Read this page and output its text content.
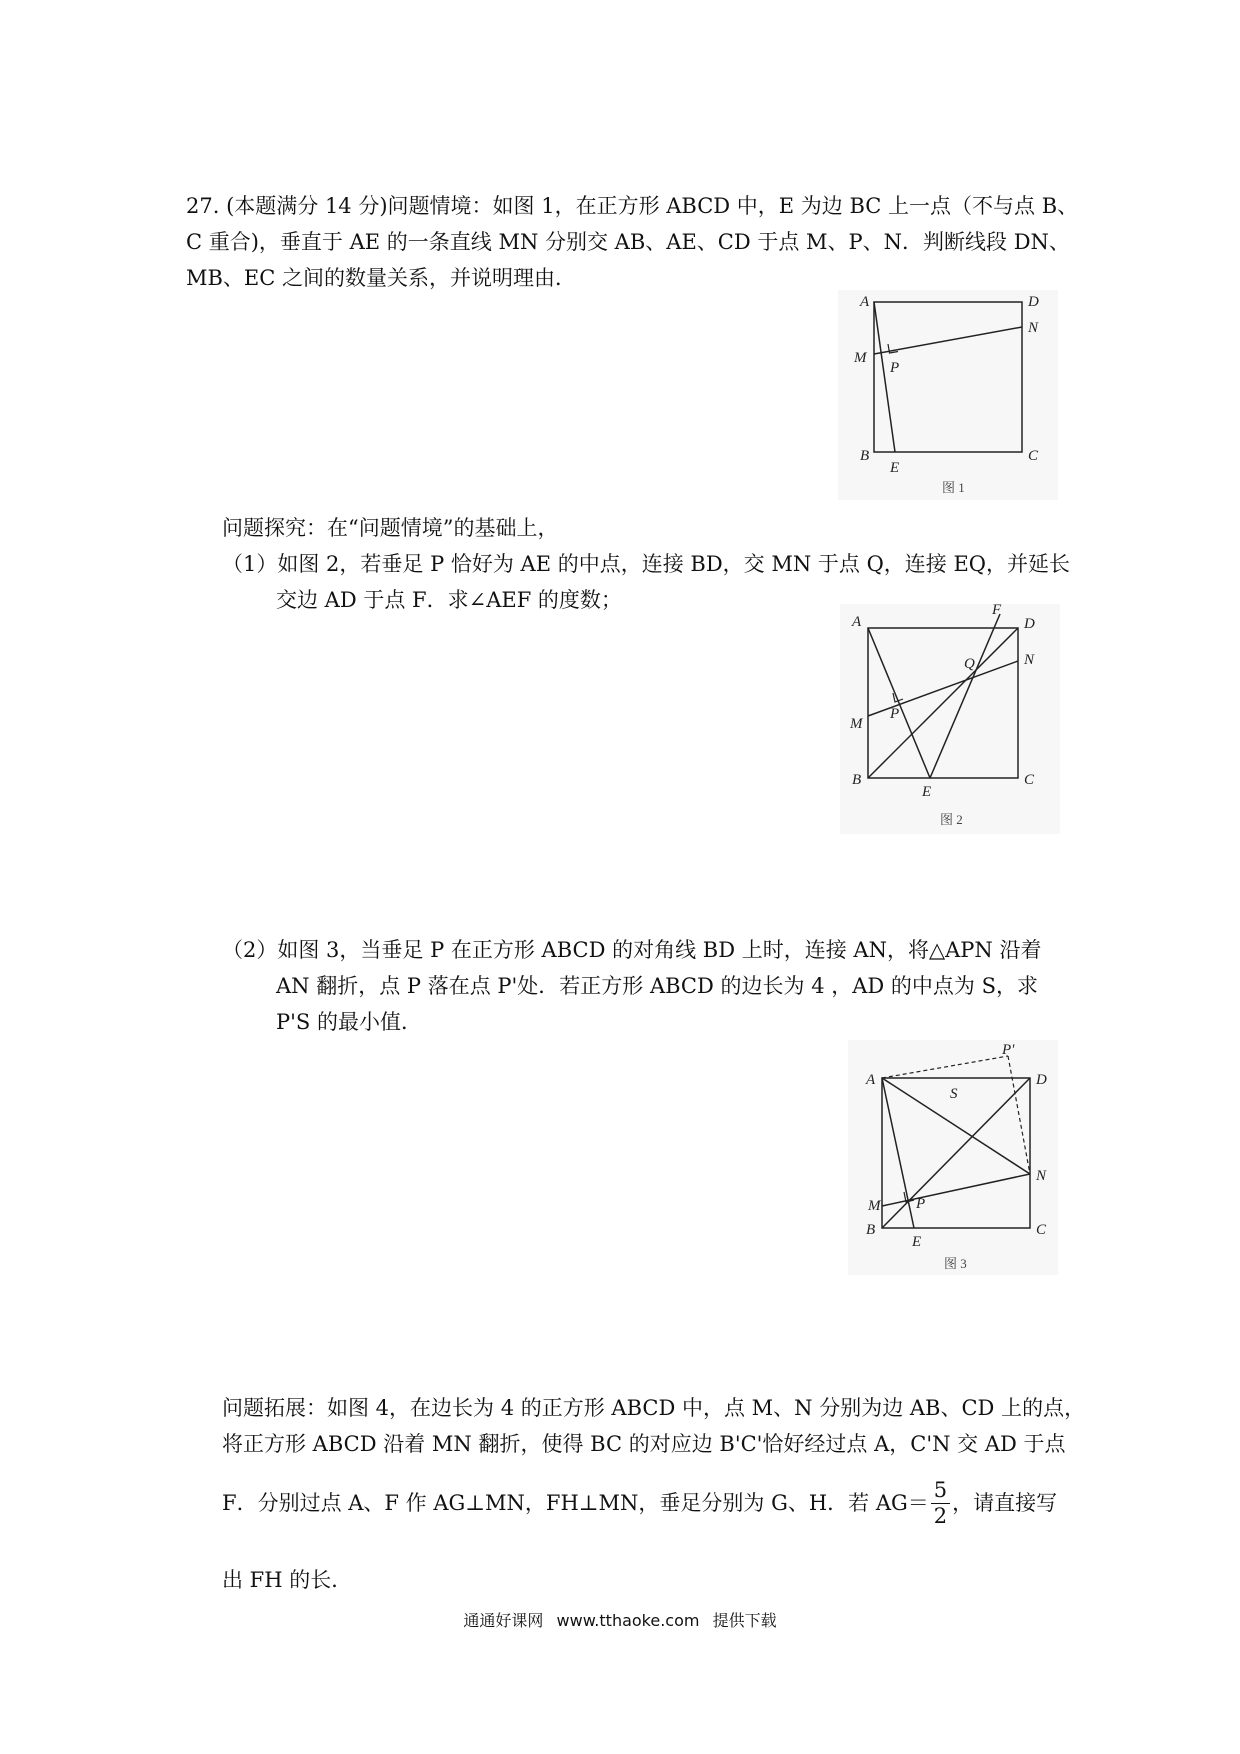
27. (本题满分 14 分)问题情境：如图 1，在正方形 ABCD 中，E 为边 BC 上一点（不与点 B、

C 重合)，垂直于 AE 的一条直线 MN 分别交 AB、AE、CD 于点 M、P、N．判断线段 DN、

MB、EC 之间的数量关系，并说明理由．

A	D
N
M
P
B
E
C
图 1

问题探究：在“问题情境”的基础上，

（1）如图 2，若垂足 P 恰好为 AE 的中点，连接 BD，交 MN 于点 Q，连接 EQ，并延长

交边 AD 于点 F．求∠AEF 的度数；

A
F
D
N
Q
M
P
B
E
C
图 2

（2）如图 3，当垂足 P 在正方形 ABCD 的对角线 BD 上时，连接 AN，将△APN 沿着

AN 翻折，点 P 落在点 P'处．若正方形 ABCD 的边长为 4 ，AD 的中点为 S，求

P'S 的最小值．

P'
A
S
D
N
M P
B
E
C
图 3

问题拓展：如图 4，在边长为 4 的正方形 ABCD 中，点 M、N 分别为边 AB、CD 上的点，

将正方形 ABCD 沿着 MN 翻折，使得 BC 的对应边 B'C'恰好经过点 A，C'N 交 AD 于点

F．分别过点 A、F 作 AG⊥MN，FH⊥MN，垂足分别为 G、H．若 $AG= \frac{5}{2}$ ，请直接写

出 FH 的长．

通通好课网 www.tthaoke.com 提供下载
